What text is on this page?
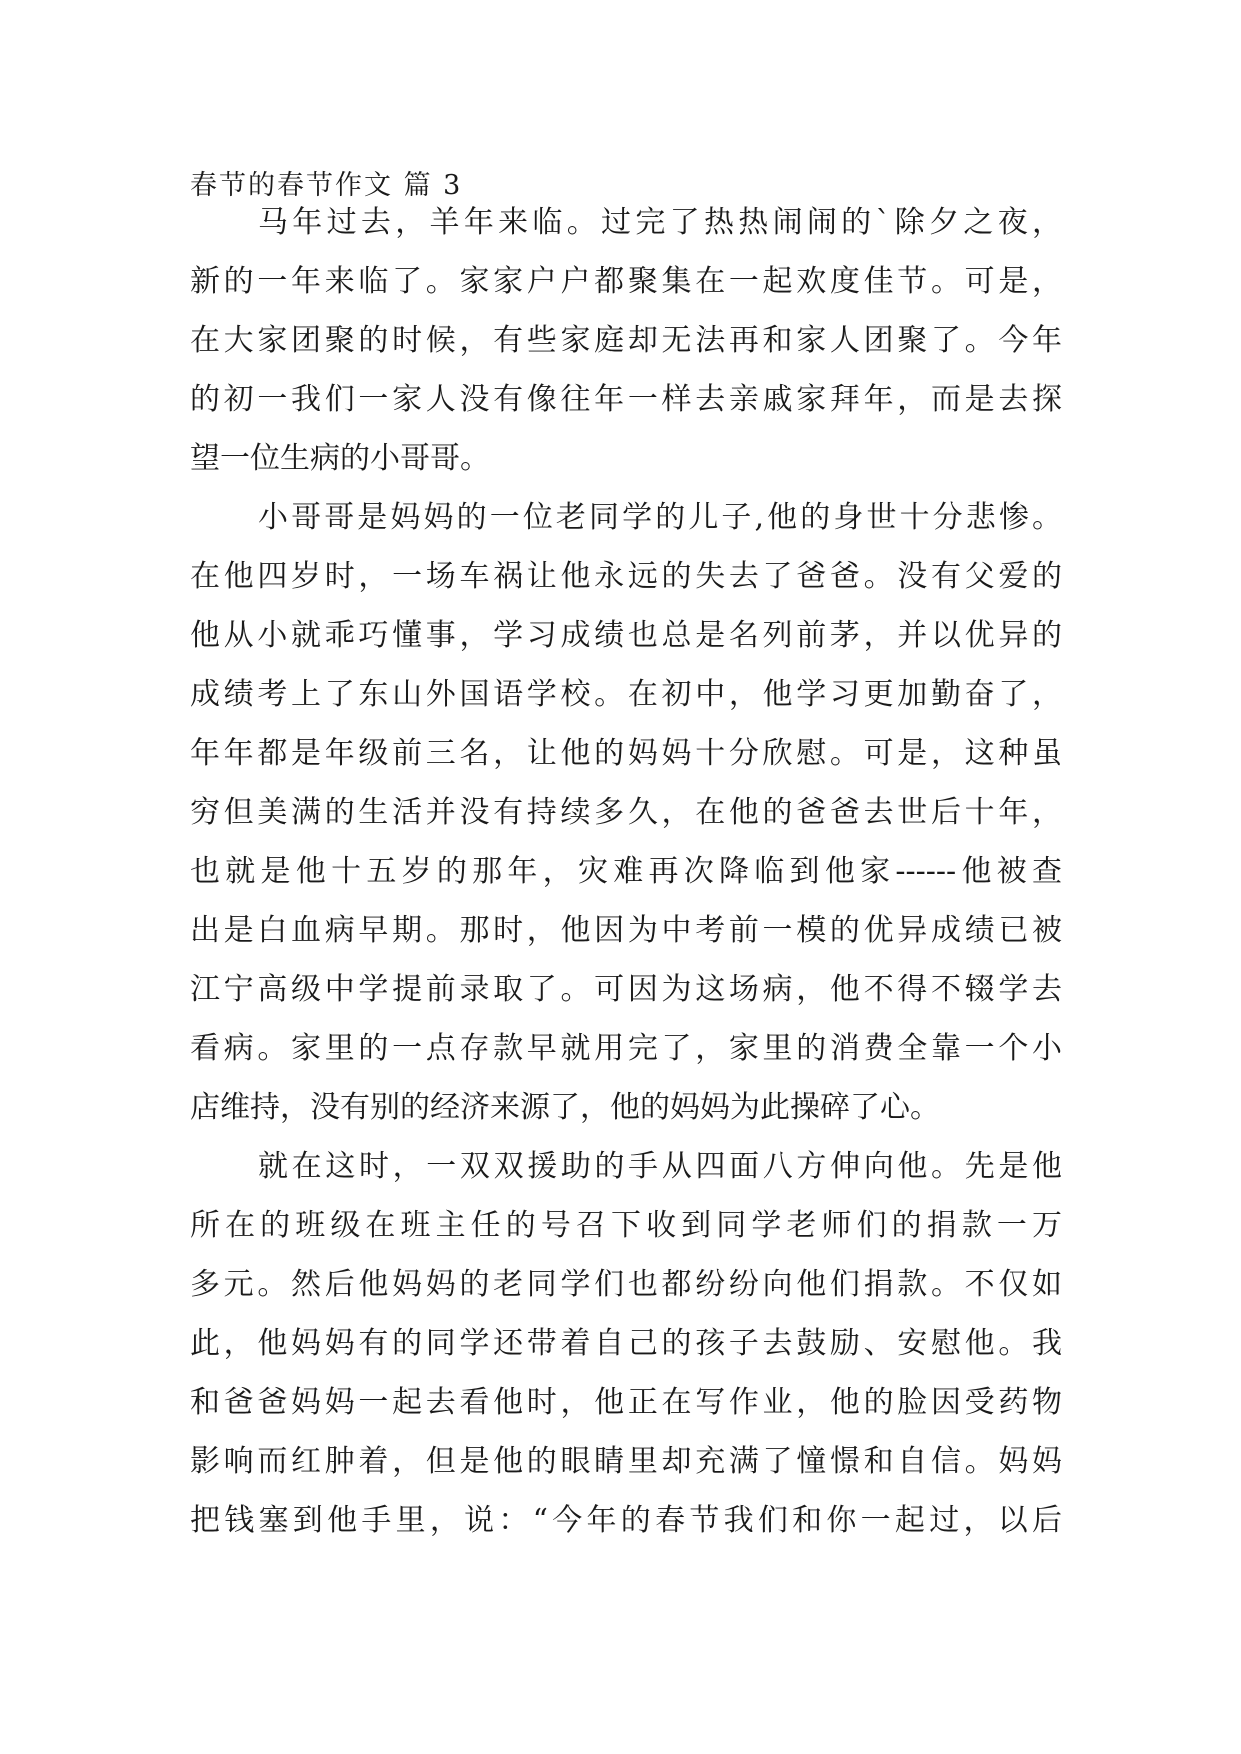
春节的春节作文 篇 3
马年过去，羊年来临。过完了热热闹闹的`除夕之夜，
新的一年来临了。家家户户都聚集在一起欢度佳节。可是，
在大家团聚的时候，有些家庭却无法再和家人团聚了。今年
的初一我们一家人没有像往年一样去亲戚家拜年，而是去探
望一位生病的小哥哥。
小哥哥是妈妈的一位老同学的儿子,他的身世十分悲惨。
在他四岁时，一场车祸让他永远的失去了爸爸。没有父爱的
他从小就乖巧懂事，学习成绩也总是名列前茅，并以优异的
成绩考上了东山外国语学校。在初中，他学习更加勤奋了，
年年都是年级前三名，让他的妈妈十分欣慰。可是，这种虽
穷但美满的生活并没有持续多久，在他的爸爸去世后十年，
也就是他十五岁的那年，灾难再次降临到他家------他被查
出是白血病早期。那时，他因为中考前一模的优异成绩已被
江宁高级中学提前录取了。可因为这场病，他不得不辍学去
看病。家里的一点存款早就用完了，家里的消费全靠一个小
店维持，没有别的经济来源了，他的妈妈为此操碎了心。
就在这时，一双双援助的手从四面八方伸向他。先是他
所在的班级在班主任的号召下收到同学老师们的捐款一万
多元。然后他妈妈的老同学们也都纷纷向他们捐款。不仅如
此，他妈妈有的同学还带着自己的孩子去鼓励、安慰他。我
和爸爸妈妈一起去看他时，他正在写作业，他的脸因受药物
影响而红肿着，但是他的眼睛里却充满了憧憬和自信。妈妈
把钱塞到他手里，说：“今年的春节我们和你一起过，以后
